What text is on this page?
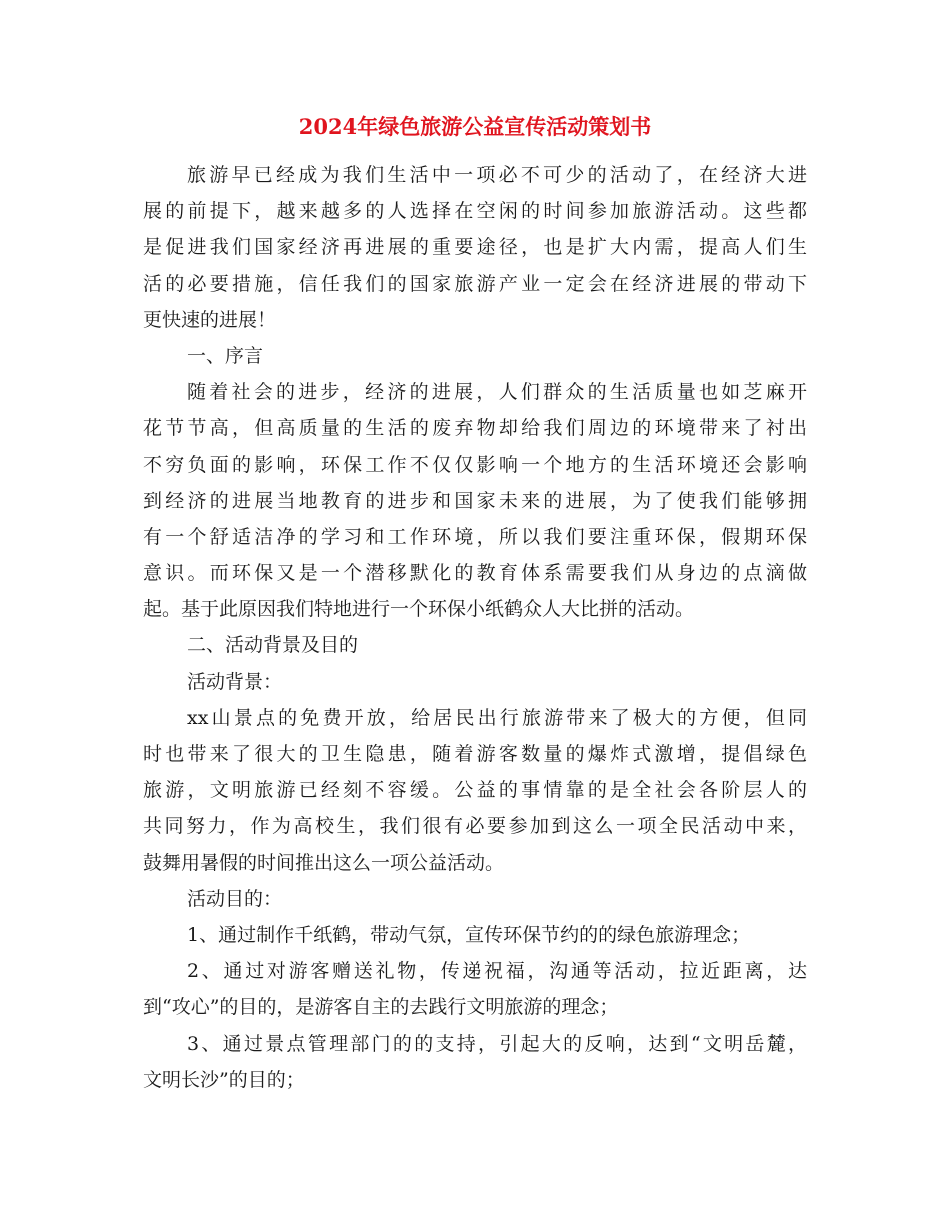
2024年绿色旅游公益宣传活动策划书
旅游早已经成为我们生活中一项必不可少的活动了，在经济大进
展的前提下，越来越多的人选择在空闲的时间参加旅游活动。这些都
是促进我们国家经济再进展的重要途径，也是扩大内需，提高人们生
活的必要措施，信任我们的国家旅游产业一定会在经济进展的带动下
更快速的进展！
一、序言
随着社会的进步，经济的进展，人们群众的生活质量也如芝麻开
花节节高，但高质量的生活的废弃物却给我们周边的环境带来了衬出
不穷负面的影响，环保工作不仅仅影响一个地方的生活环境还会影响
到经济的进展当地教育的进步和国家未来的进展，为了使我们能够拥
有一个舒适洁净的学习和工作环境，所以我们要注重环保，假期环保
意识。而环保又是一个潜移默化的教育体系需要我们从身边的点滴做
起。基于此原因我们特地进行一个环保小纸鹤众人大比拼的活动。
二、活动背景及目的
活动背景：
xx山景点的免费开放，给居民出行旅游带来了极大的方便，但同
时也带来了很大的卫生隐患，随着游客数量的爆炸式激增，提倡绿色
旅游，文明旅游已经刻不容缓。公益的事情靠的是全社会各阶层人的
共同努力，作为高校生，我们很有必要参加到这么一项全民活动中来，
鼓舞用暑假的时间推出这么一项公益活动。
活动目的：
1、通过制作千纸鹤，带动气氛，宣传环保节约的的绿色旅游理念；
2、通过对游客赠送礼物，传递祝福，沟通等活动，拉近距离，达
到“攻心”的目的，是游客自主的去践行文明旅游的理念；
3、通过景点管理部门的的支持，引起大的反响，达到“文明岳麓，
文明长沙”的目的；
